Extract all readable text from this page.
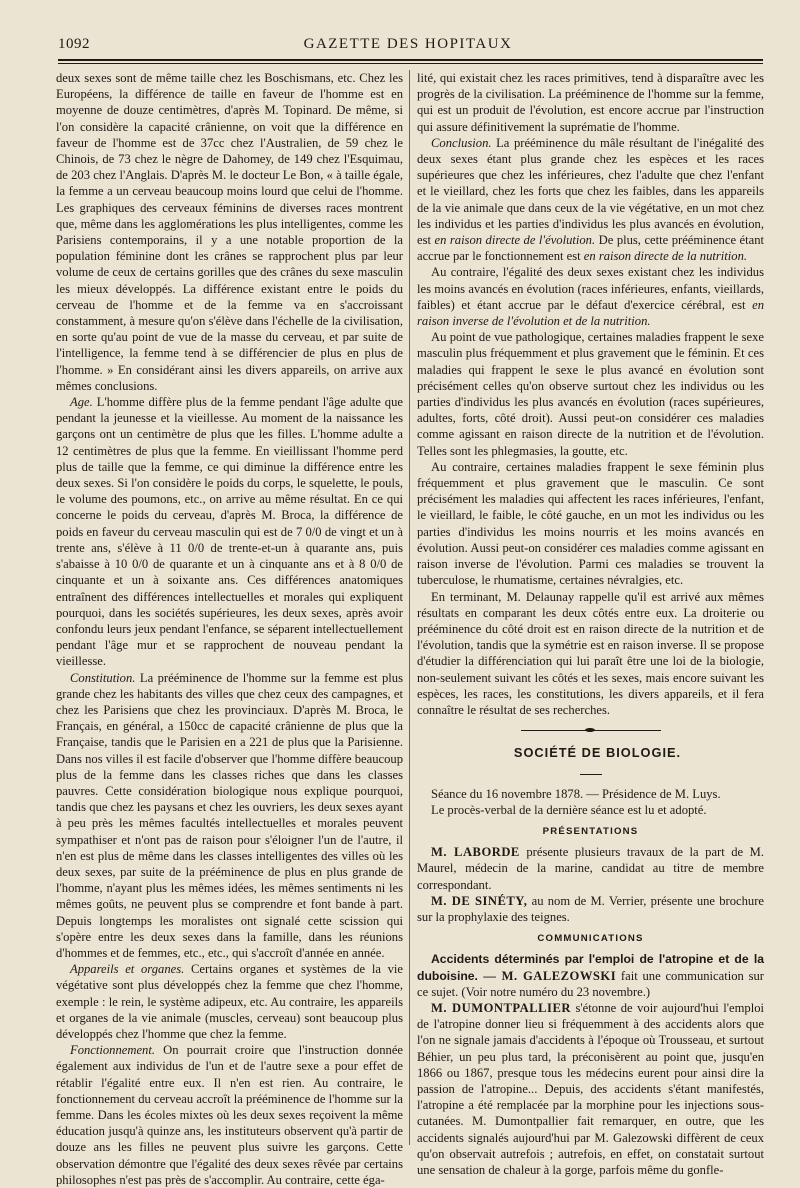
1092	GAZETTE DES HOPITAUX

deux sexes sont de même taille chez les Boschismans, etc. Chez les Européens, la différence de taille en faveur de l'homme est en moyenne de douze centimètres, d'après M. Topinard. De même, si l'on considère la capacité crânienne, on voit que la différence en faveur de l'homme est de 37cc chez l'Australien, de 59 chez le Chinois, de 73 chez le nègre de Dahomey, de 149 chez l'Esquimau, de 203 chez l'Anglais. D'après M. le docteur Le Bon, « à taille égale, la femme a un cerveau beaucoup moins lourd que celui de l'homme. Les graphiques des cerveaux féminins de diverses races montrent que, même dans les agglomérations les plus intelligentes, comme les Parisiens contemporains, il y a une notable proportion de la population féminine dont les crânes se rapprochent plus par leur volume de ceux de certains gorilles que des crânes du sexe masculin les mieux développés. La différence existant entre le poids du cerveau de l'homme et de la femme va en s'accroissant constamment, à mesure qu'on s'élève dans l'échelle de la civilisation, en sorte qu'au point de vue de la masse du cerveau, et par suite de l'intelligence, la femme tend à se différencier de plus en plus de l'homme. » En considérant ainsi les divers appareils, on arrive aux mêmes conclusions.

Age. L'homme diffère plus de la femme pendant l'âge adulte que pendant la jeunesse et la vieillesse. Au moment de la naissance les garçons ont un centimètre de plus que les filles. L'homme adulte a 12 centimètres de plus que la femme. En vieillissant l'homme perd plus de taille que la femme, ce qui diminue la différence entre les deux sexes. Si l'on considère le poids du corps, le squelette, le pouls, le volume des poumons, etc., on arrive au même résultat. En ce qui concerne le poids du cerveau, d'après M. Broca, la différence de poids en faveur du cerveau masculin qui est de 7 0/0 de vingt et un à trente ans, s'élève à 11 0/0 de trente-et-un à quarante ans, puis s'abaisse à 10 0/0 de quarante et un à cinquante ans et à 8 0/0 de cinquante et un à soixante ans. Ces différences anatomiques entraînent des différences intellectuelles et morales qui expliquent pourquoi, dans les sociétés supérieures, les deux sexes, après avoir confondu leurs jeux pendant l'enfance, se séparent intellectuellement pendant l'âge mur et se rapprochent de nouveau pendant la vieillesse.

Constitution. La prééminence de l'homme sur la femme est plus grande chez les habitants des villes que chez ceux des campagnes, et chez les Parisiens que chez les provinciaux. D'après M. Broca, le Français, en général, a 150cc de capacité crânienne de plus que la Française, tandis que le Parisien en a 221 de plus que la Parisienne. Dans nos villes il est facile d'observer que l'homme diffère beaucoup plus de la femme dans les classes riches que dans les classes pauvres. Cette considération biologique nous explique pourquoi, tandis que chez les paysans et chez les ouvriers, les deux sexes ayant à peu près les mêmes facultés intellectuelles et morales peuvent sympathiser et n'ont pas de raison pour s'éloigner l'un de l'autre, il n'en est plus de même dans les classes intelligentes des villes où les deux sexes, par suite de la prééminence de plus en plus grande de l'homme, n'ayant plus les mêmes idées, les mêmes sentiments ni les mêmes goûts, ne peuvent plus se comprendre et font bande à part. Depuis longtemps les moralistes ont signalé cette scission qui s'opère entre les deux sexes dans la famille, dans les réunions d'hommes et de femmes, etc., etc., qui s'accroît d'année en année.

Appareils et organes. Certains organes et systèmes de la vie végétative sont plus développés chez la femme que chez l'homme, exemple : le rein, le système adipeux, etc. Au contraire, les appareils et organes de la vie animale (muscles, cerveau) sont beaucoup plus développés chez l'homme que chez la femme.

Fonctionnement. On pourrait croire que l'instruction donnée également aux individus de l'un et de l'autre sexe a pour effet de rétablir l'égalité entre eux. Il n'en est rien. Au contraire, le fonctionnement du cerveau accroît la prééminence de l'homme sur la femme. Dans les écoles mixtes où les deux sexes reçoivent la même éducation jusqu'à quinze ans, les instituteurs observent qu'à partir de douze ans les filles ne peuvent plus suivre les garçons. Cette observation démontre que l'égalité des deux sexes rêvée par certains philosophes n'est pas près de s'accomplir. Au contraire, cette éga-

lité, qui existait chez les races primitives, tend à disparaître avec les progrès de la civilisation. La prééminence de l'homme sur la femme, qui est un produit de l'évolution, est encore accrue par l'instruction qui assure définitivement la suprématie de l'homme.

Conclusion. La prééminence du mâle résultant de l'inégalité des deux sexes étant plus grande chez les espèces et les races supérieures que chez les inférieures, chez l'adulte que chez l'enfant et le vieillard, chez les forts que chez les faibles, dans les appareils de la vie animale que dans ceux de la vie végétative, en un mot chez les individus et les parties d'individus les plus avancés en évolution, est en raison directe de l'évolution. De plus, cette prééminence étant accrue par le fonctionnement est en raison directe de la nutrition.

Au contraire, l'égalité des deux sexes existant chez les individus les moins avancés en évolution (races inférieures, enfants, vieillards, faibles) et étant accrue par le défaut d'exercice cérébral, est en raison inverse de l'évolution et de la nutrition.

Au point de vue pathologique, certaines maladies frappent le sexe masculin plus fréquemment et plus gravement que le féminin. Et ces maladies qui frappent le sexe le plus avancé en évolution sont précisément celles qu'on observe surtout chez les individus ou les parties d'individus les plus avancés en évolution (races supérieures, adultes, forts, côté droit). Aussi peut-on considérer ces maladies comme agissant en raison directe de la nutrition et de l'évolution. Telles sont les phlegmasies, la goutte, etc.

Au contraire, certaines maladies frappent le sexe féminin plus fréquemment et plus gravement que le masculin. Ce sont précisément les maladies qui affectent les races inférieures, l'enfant, le vieillard, le faible, le côté gauche, en un mot les individus ou les parties d'individus les moins nourris et les moins avancés en évolution. Aussi peut-on considérer ces maladies comme agissant en raison inverse de l'évolution. Parmi ces maladies se trouvent la tuberculose, le rhumatisme, certaines névralgies, etc.

En terminant, M. Delaunay rappelle qu'il est arrivé aux mêmes résultats en comparant les deux côtés entre eux. La droiterie ou prééminence du côté droit est en raison directe de la nutrition et de l'évolution, tandis que la symétrie est en raison inverse. Il se propose d'étudier la différenciation qui lui paraît être une loi de la biologie, non-seulement suivant les côtés et les sexes, mais encore suivant les espèces, les races, les constitutions, les divers appareils, et il fera connaître le résultat de ses recherches.

SOCIÉTÉ DE BIOLOGIE.

Séance du 16 novembre 1878. — Présidence de M. Luys.

Le procès-verbal de la dernière séance est lu et adopté.

PRÉSENTATIONS

M. LABORDE présente plusieurs travaux de la part de M. Maurel, médecin de la marine, candidat au titre de membre correspondant.

M. DE SINÉTY, au nom de M. Verrier, présente une brochure sur la prophylaxie des teignes.

COMMUNICATIONS

Accidents déterminés par l'emploi de l'atropine et de la duboisine. — M. GALEZOWSKI fait une communication sur ce sujet. (Voir notre numéro du 23 novembre.)

M. DUMONTPALLIER s'étonne de voir aujourd'hui l'emploi de l'atropine donner lieu si fréquemment à des accidents alors que l'on ne signale jamais d'accidents à l'époque où Trousseau, et surtout Béhier, un peu plus tard, la préconisèrent au point que, jusqu'en 1866 ou 1867, presque tous les médecins eurent pour ainsi dire la passion de l'atropine... Depuis, des accidents s'étant manifestés, l'atropine a été remplacée par la morphine pour les injections sous-cutanées. M. Dumontpallier fait remarquer, en outre, que les accidents signalés aujourd'hui par M. Galezowski diffèrent de ceux qu'on observait autrefois ; autrefois, en effet, on constatait surtout une sensation de chaleur à la gorge, parfois même du gonfle-
